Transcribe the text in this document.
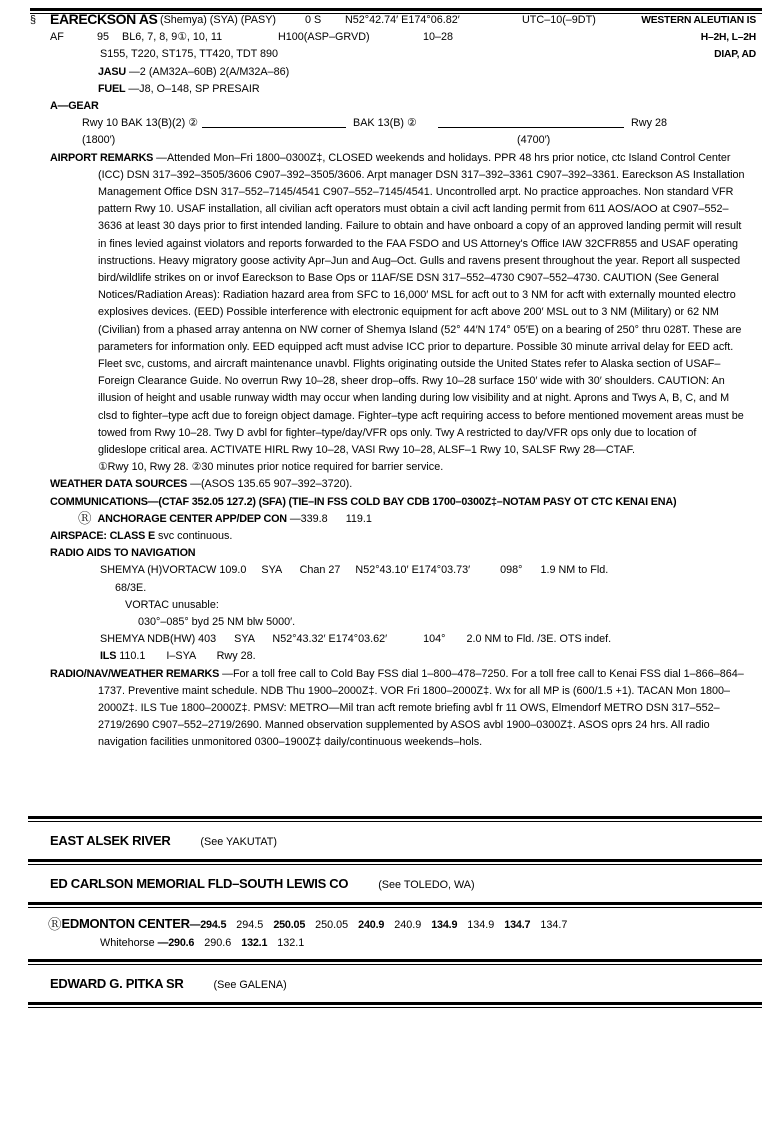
§ EARECKSON AS (Shemya) (SYA) (PASY)	0 S N52°42.74′ E174°06.82′	UTC–10(–9DT)	WESTERN ALEUTIAN IS
AF	95 BL6, 7, 8, 9①, 10, 11	H100(ASP–GRVD)	10–28	H–2H, L–2H
S155, T220, ST175, TT420, TDT 890	DIAP, AD
JASU —2 (AM32A–60B) 2(A/M32A–86)
FUEL —J8, O–148, SP PRESAIR
A—GEAR
Rwy 10 BAK 13(B)(2) ②	BAK 13(B) ②	Rwy 28
(1800′)	(4700′)
AIRPORT REMARKS —Attended Mon–Fri 1800–0300Z‡, CLOSED weekends and holidays. PPR 48 hrs prior notice, ctc Island Control Center (ICC) DSN 317–392–3505/3606 C907–392–3505/3606. Arpt manager DSN 317–392–3361 C907–392–3361. Eareckson AS Installation Management Office DSN 317–552–7145/4541 C907–552–7145/4541. Uncontrolled arpt. No practice approaches. Non standard VFR pattern Rwy 10. USAF installation, all civilian acft operators must obtain a civil acft landing permit from 611 AOS/AOO at C907–552–3636 at least 30 days prior to first intended landing. Failure to obtain and have onboard a copy of an approved landing permit will result in fines levied against violators and reports forwarded to the FAA FSDO and US Attorney's Office IAW 32CFR855 and USAF operating instructions. Heavy migratory goose activity Apr–Jun and Aug–Oct. Gulls and ravens present throughout the year. Report all suspected bird/wildlife strikes on or invof Eareckson to Base Ops or 11AF/SE DSN 317–552–4730 C907–552–4730. CAUTION (See General Notices/Radiation Areas): Radiation hazard area from SFC to 16,000′ MSL for acft out to 3 NM for acft with externally mounted electro explosives devices. (EED) Possible interference with electronic equipment for acft above 200′ MSL out to 3 NM (Military) or 62 NM (Civilian) from a phased array antenna on NW corner of Shemya Island (52° 44′N 174° 05′E) on a bearing of 250° thru 028T. These are parameters for information only. EED equipped acft must advise ICC prior to departure. Possible 30 minute arrival delay for EED acft. Fleet svc, customs, and aircraft maintenance unavbl. Flights originating outside the United States refer to Alaska section of USAF–Foreign Clearance Guide. No overrun Rwy 10–28, sheer drop–offs. Rwy 10–28 surface 150′ wide with 30′ shoulders. CAUTION: An illusion of height and usable runway width may occur when landing during low visibility and at night. Aprons and Twys A, B, C, and M clsd to fighter–type acft due to foreign object damage. Fighter–type acft requiring access to before mentioned movement areas must be towed from Rwy 10–28. Twy D avbl for fighter–type/day/VFR ops only. Twy A restricted to day/VFR ops only due to location of glideslope critical area. ACTIVATE HIRL Rwy 10–28, VASI Rwy 10–28, ALSF–1 Rwy 10, SALSF Rwy 28—CTAF.
①Rwy 10, Rwy 28. ②30 minutes prior notice required for barrier service.
WEATHER DATA SOURCES —(ASOS 135.65 907–392–3720).
COMMUNICATIONS—(CTAF 352.05 127.2) (SFA) (TIE–IN FSS COLD BAY CDB 1700–0300Z‡–NOTAM PASY OT CTC KENAI ENA)
Ⓡ ANCHORAGE CENTER APP/DEP CON —339.8      119.1
AIRSPACE: CLASS E svc continuous.
RADIO AIDS TO NAVIGATION
SHEMYA (H)VORTACW 109.0     SYA      Chan 27     N52°43.10′ E174°03.73′          098°      1.9 NM to Fld.
68/3E.
VORTAC unusable:
030°–085° byd 25 NM blw 5000′.
SHEMYA NDB(HW) 403      SYA      N52°43.32′ E174°03.62′            104°       2.0 NM to Fld. /3E. OTS indef.
ILS 110.1       I–SYA       Rwy 28.
RADIO/NAV/WEATHER REMARKS —For a toll free call to Cold Bay FSS dial 1–800–478–7250. For a toll free call to Kenai FSS dial 1–866–864–1737. Preventive maint schedule. NDB Thu 1900–2000Z‡. VOR Fri 1800–2000Z‡. Wx for all MP is (600/1.5 +1). TACAN Mon 1800–2000Z‡. ILS Tue 1800–2000Z‡. PMSV: METRO—Mil tran acft remote briefing avbl fr 11 OWS, Elmendorf METRO DSN 317–552–2719/2690 C907–552–2719/2690. Manned observation supplemented by ASOS avbl 1900–0300Z‡. ASOS oprs 24 hrs. All radio navigation facilities unmonitored 0300–1900Z‡ daily/continuous weekends–hols.
EAST ALSEK RIVER	(See YAKUTAT)
ED CARLSON MEMORIAL FLD–SOUTH LEWIS CO	(See TOLEDO, WA)
ⓇEDMONTON CENTER—294.5 294.5 250.05 250.05 240.9 240.9 134.9 134.9 134.7 134.7
Whitehorse —290.6 290.6 132.1 132.1
EDWARD G. PITKA SR	(See GALENA)
